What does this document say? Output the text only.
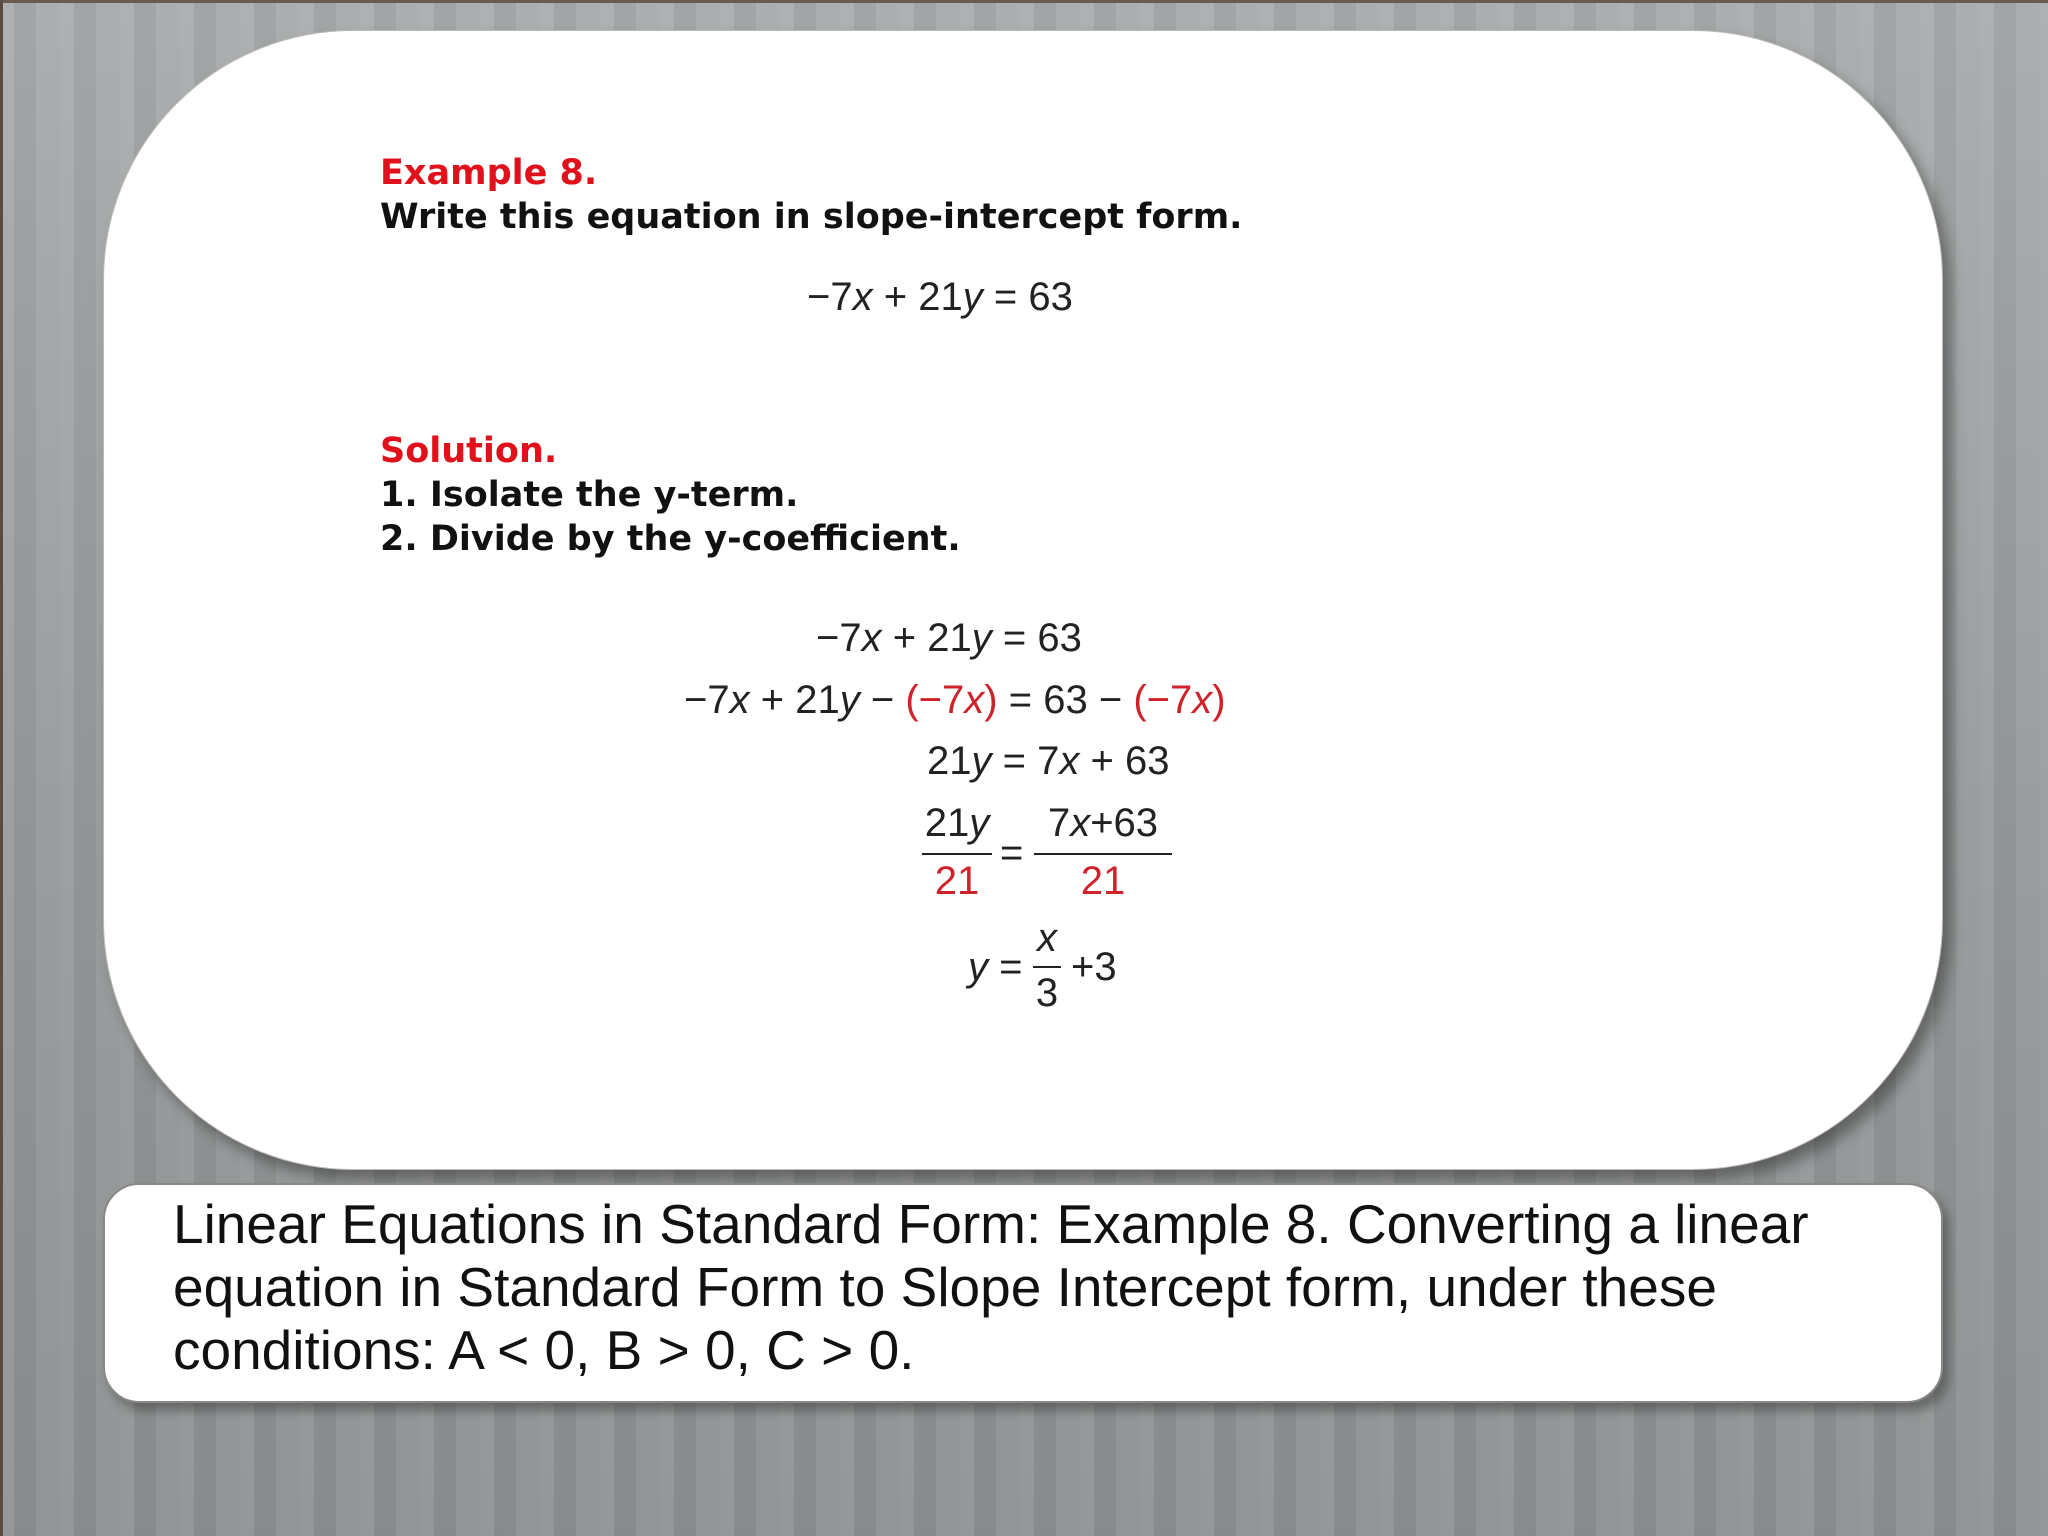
Example 8.
Write this equation in slope-intercept form.
−7x + 21y = 63
Solution.
1. Isolate the y-term.
2. Divide by the y-coefficient.
−7x + 21y = 63
−7x + 21y − (−7x) = 63 − (−7x)
21y = 7x + 63
21y
21
=
7x+63
21
y =
x
3
+3
Linear Equations in Standard Form: Example 8. Converting a linear equation in Standard Form to Slope Intercept form, under these conditions: A < 0, B > 0, C > 0.
